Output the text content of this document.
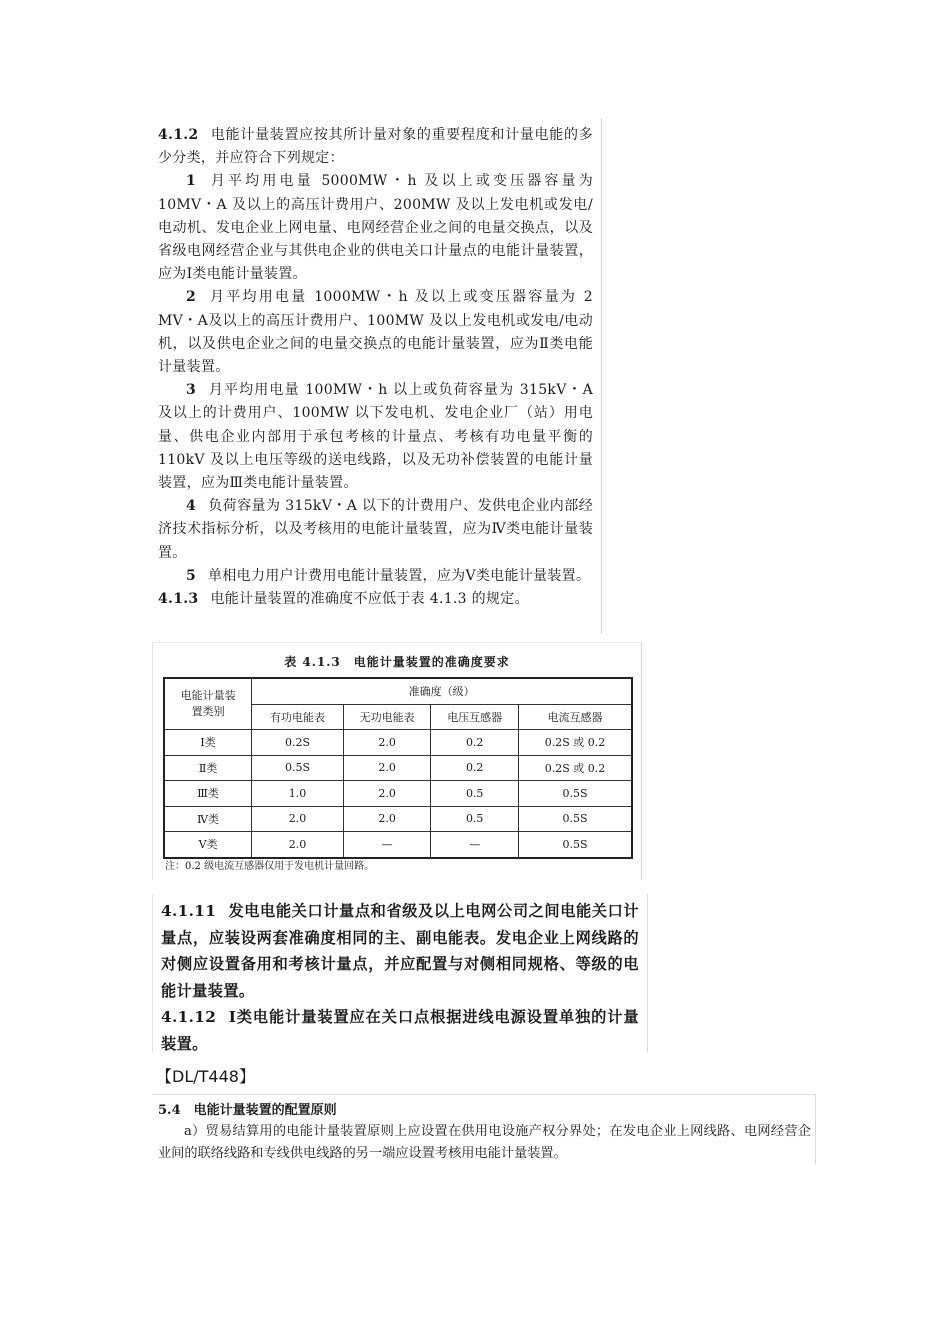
4.1.2 电能计量装置应按其所计量对象的重要程度和计量电能的多少分类，并应符合下列规定：

1 月平均用电量 5000MW・h 及以上或变压器容量为 10MV・A 及以上的高压计费用户、200MW 及以上发电机或发电/电动机、发电企业上网电量、电网经营企业之间的电量交换点，以及省级电网经营企业与其供电企业的供电关口计量点的电能计量装置，应为Ⅰ类电能计量装置。

2 月平均用电量 1000MW・h 及以上或变压器容量为 2 MV・A及以上的高压计费用户、100MW 及以上发电机或发电/电动机，以及供电企业之间的电量交换点的电能计量装置，应为Ⅱ类电能计量装置。

3 月平均用电量 100MW・h 以上或负荷容量为 315kV・A 及以上的计费用户、100MW 以下发电机、发电企业厂（站）用电量、供电企业内部用于承包考核的计量点、考核有功电量平衡的 110kV 及以上电压等级的送电线路，以及无功补偿装置的电能计量装置，应为Ⅲ类电能计量装置。

4 负荷容量为 315kV・A 以下的计费用户、发供电企业内部经济技术指标分析，以及考核用的电能计量装置，应为Ⅳ类电能计量装置。

5 单相电力用户计费用电能计量装置，应为Ⅴ类电能计量装置。

4.1.3 电能计量装置的准确度不应低于表 4.1.3 的规定。

表 4.1.3　电能计量装置的准确度要求
电能计量装置类别	准确度（级）			
	有功电能表	无功电能表	电压互感器	电流互感器
Ⅰ类	0.2S	2.0	0.2	0.2S 或 0.2
Ⅱ类	0.5S	2.0	0.2	0.2S 或 0.2
Ⅲ类	1.0	2.0	0.5	0.5S
Ⅳ类	2.0	2.0	0.5	0.5S
Ⅴ类	2.0	—	—	0.5S
注：0.2 级电流互感器仅用于发电机计量回路。

4.1.11 发电电能关口计量点和省级及以上电网公司之间电能关口计量点，应装设两套准确度相同的主、副电能表。发电企业上网线路的对侧应设置备用和考核计量点，并应配置与对侧相同规格、等级的电能计量装置。

4.1.12 Ⅰ类电能计量装置应在关口点根据进线电源设置单独的计量装置。

【DL/T448】
5.4　电能计量装置的配置原则

a）贸易结算用的电能计量装置原则上应设置在供用电设施产权分界处；在发电企业上网线路、电网经营企业间的联络线路和专线供电线路的另一端应设置考核用电能计量装置。
